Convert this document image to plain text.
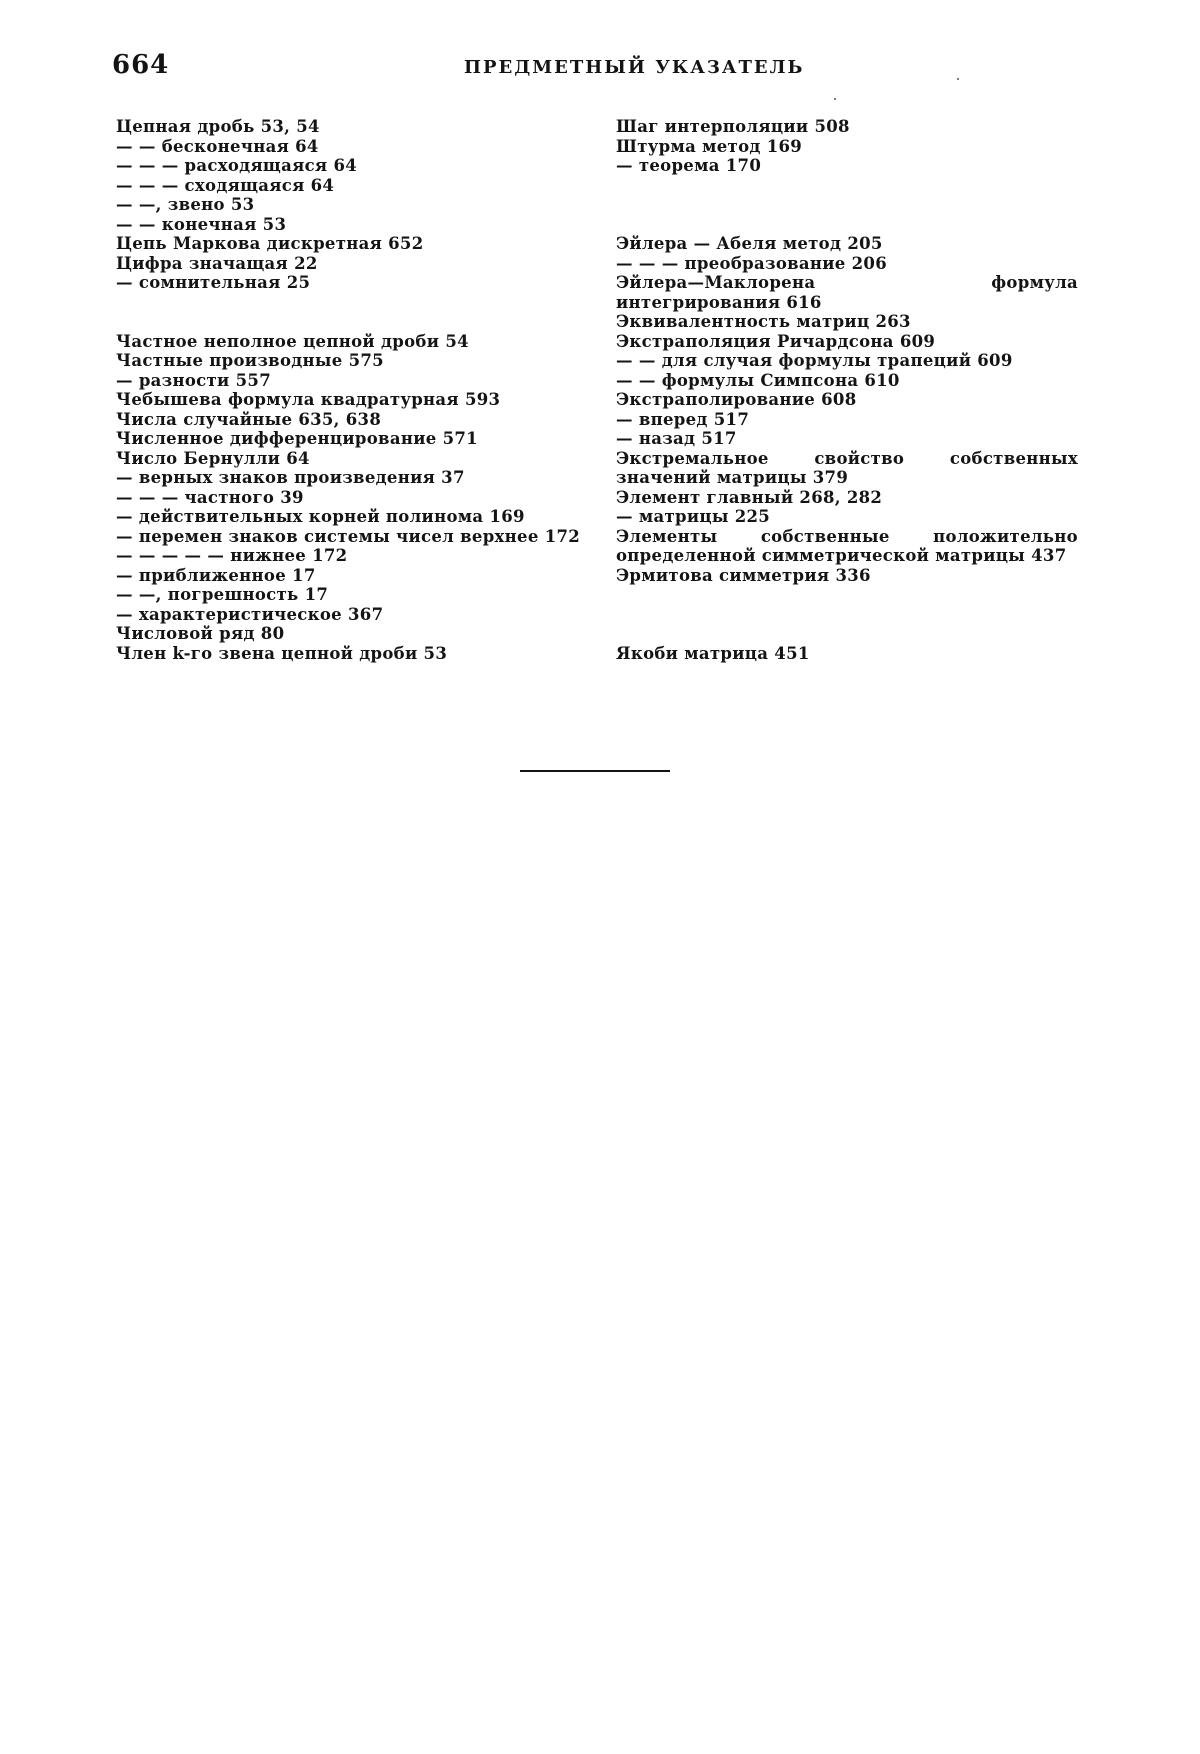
664	ПРЕДМЕТНЫЙ УКАЗАТЕЛЬ
Цепная дробь 53, 54
— — бесконечная 64
— — — расходящаяся 64
— — — сходящаяся 64
— —, звено 53
— — конечная 53
Цепь Маркова дискретная 652
Цифра значащая 22
— сомнительная 25
Частное неполное цепной дроби 54
Частные производные 575
— разности 557
Чебышева формула квадратурная 593
Числа случайные 635, 638
Численное дифференцирование 571
Число Бернулли 64
— верных знаков произведения 37
— — — частного 39
— действительных корней полинома 169
— перемен знаков системы чисел верхнее 172
— — — — — нижнее 172
— приближенное 17
— —, погрешность 17
— характеристическое 367
Числовой ряд 80
Член k-го звена цепной дроби 53
Шаг интерполяции 508
Штурма метод 169
— теорема 170
Эйлера — Абеля метод 205
— — — преобразование 206
Эйлера—Маклорена формула интегрирования 616
Эквивалентность матриц 263
Экстраполяция Ричардсона 609
— — для случая формулы трапеций 609
— — формулы Симпсона 610
Экстраполирование 608
— вперед 517
— назад 517
Экстремальное свойство собственных значений матрицы 379
Элемент главный 268, 282
— матрицы 225
Элементы собственные положительно определенной симметрической матрицы 437
Эрмитова симметрия 336
Якоби матрица 451
